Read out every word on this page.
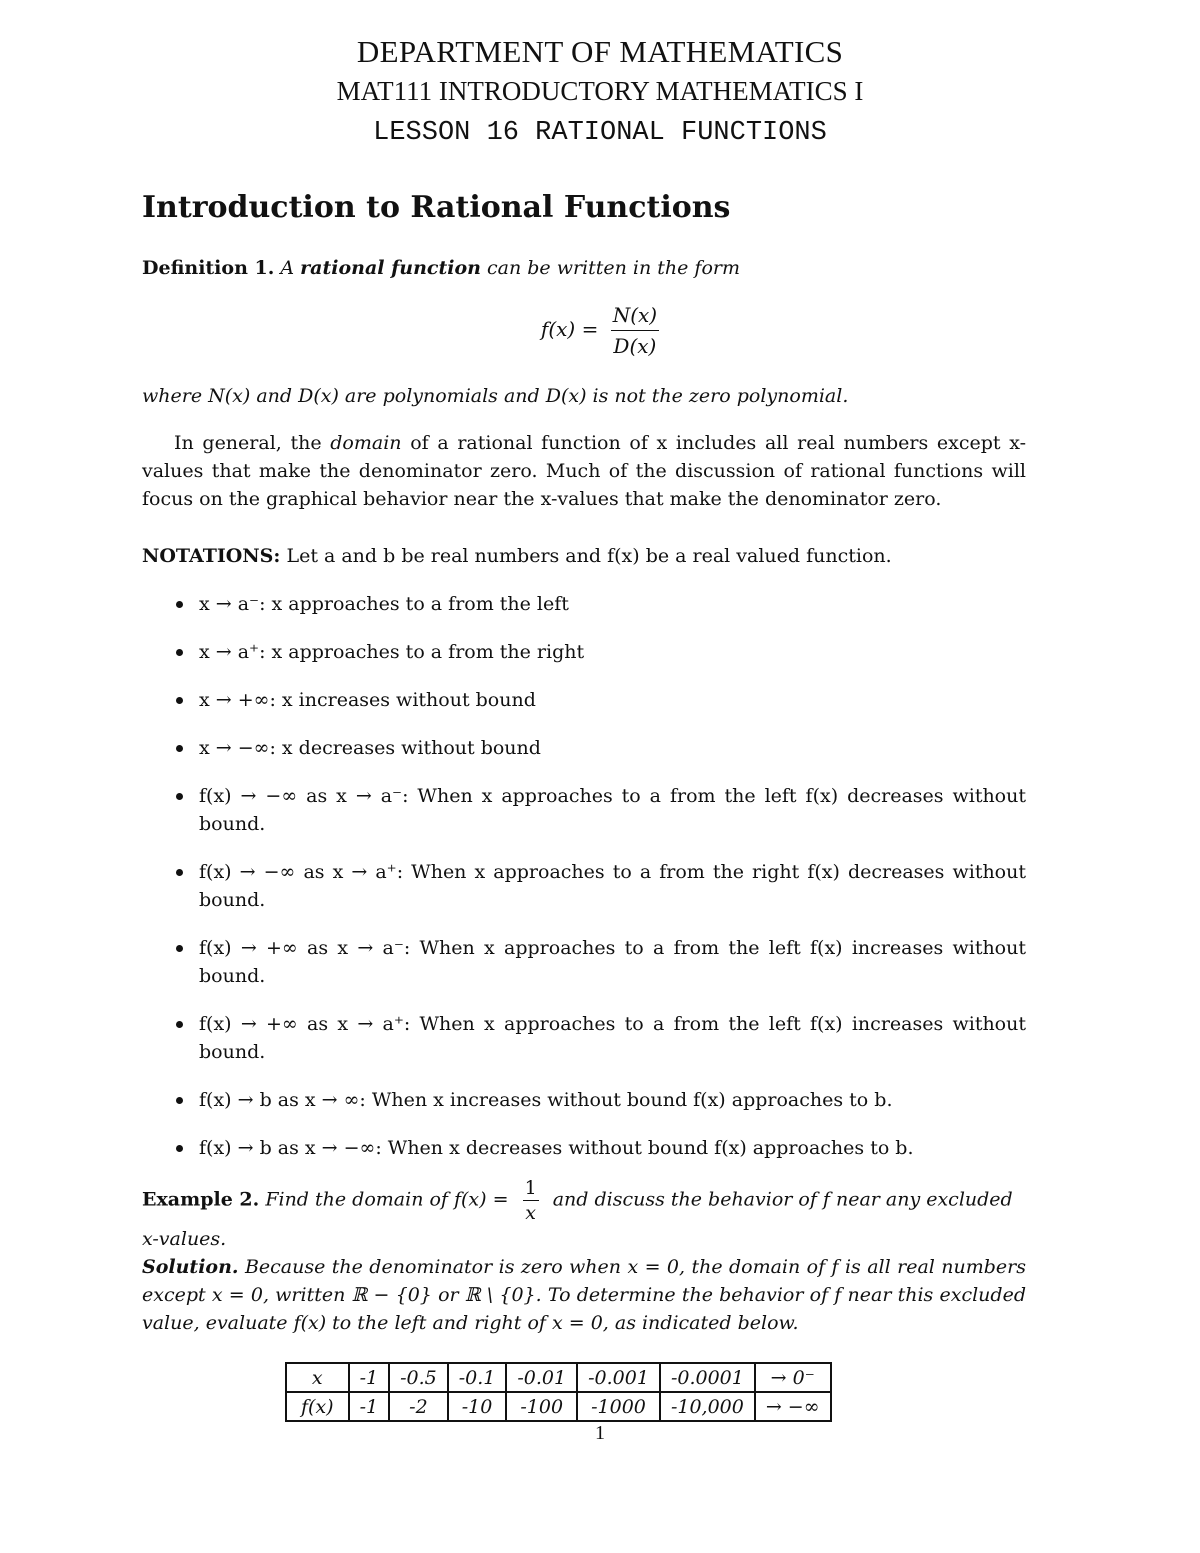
DEPARTMENT OF MATHEMATICS
MAT111 INTRODUCTORY MATHEMATICS I
LESSON 16 RATIONAL FUNCTIONS
Introduction to Rational Functions
Definition 1. A rational function can be written in the form
$f(x) = \frac{N(x)}{D(x)}$
where N(x) and D(x) are polynomials and D(x) is not the zero polynomial.
In general, the domain of a rational function of x includes all real numbers except x-values that make the denominator zero. Much of the discussion of rational functions will focus on the graphical behavior near the x-values that make the denominator zero.
NOTATIONS: Let a and b be real numbers and f(x) be a real valued function.
x → a⁻: x approaches to a from the left
x → a⁺: x approaches to a from the right
x → +∞: x increases without bound
x → −∞: x decreases without bound
f(x) → −∞ as x → a⁻: When x approaches to a from the left f(x) decreases without bound.
f(x) → −∞ as x → a⁺: When x approaches to a from the right f(x) decreases without bound.
f(x) → +∞ as x → a⁻: When x approaches to a from the left f(x) increases without bound.
f(x) → +∞ as x → a⁺: When x approaches to a from the left f(x) increases without bound.
f(x) → b as x → ∞: When x increases without bound f(x) approaches to b.
f(x) → b as x → −∞: When x decreases without bound f(x) approaches to b.
Example 2. Find the domain of $f(x) = \frac{1}{x}$ and discuss the behavior of f near any excluded x-values.
Solution. Because the denominator is zero when x = 0, the domain of f is all real numbers except x = 0, written ℝ − {0} or ℝ \ {0}. To determine the behavior of f near this excluded value, evaluate f(x) to the left and right of x = 0, as indicated below.
x	-1	-0.5	-0.1	-0.01	-0.001	-0.0001	→ 0⁻
f(x)	-1	-2	-10	-100	-1000	-10,000	→ −∞
1
